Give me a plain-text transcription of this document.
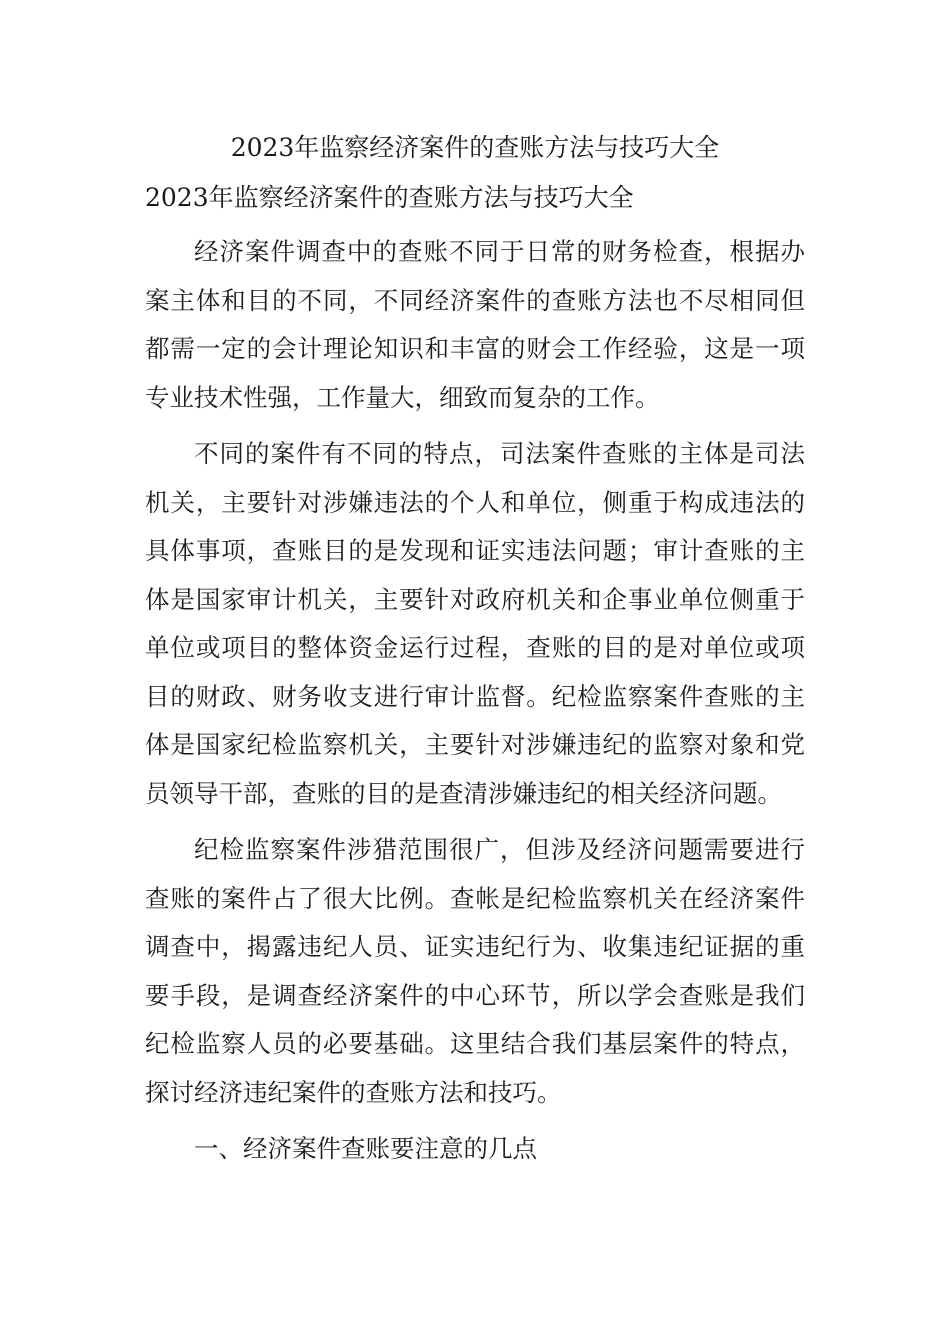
2023年监察经济案件的查账方法与技巧大全
2023年监察经济案件的查账方法与技巧大全

经济案件调查中的查账不同于日常的财务检查，根据办案主体和目的不同，不同经济案件的查账方法也不尽相同但都需一定的会计理论知识和丰富的财会工作经验，这是一项专业技术性强，工作量大，细致而复杂的工作。

不同的案件有不同的特点，司法案件查账的主体是司法机关，主要针对涉嫌违法的个人和单位，侧重于构成违法的具体事项，查账目的是发现和证实违法问题；审计查账的主体是国家审计机关，主要针对政府机关和企事业单位侧重于单位或项目的整体资金运行过程，查账的目的是对单位或项目的财政、财务收支进行审计监督。纪检监察案件查账的主体是国家纪检监察机关，主要针对涉嫌违纪的监察对象和党员领导干部，查账的目的是查清涉嫌违纪的相关经济问题。

纪检监察案件涉猎范围很广，但涉及经济问题需要进行查账的案件占了很大比例。查帐是纪检监察机关在经济案件调查中，揭露违纪人员、证实违纪行为、收集违纪证据的重要手段，是调查经济案件的中心环节，所以学会查账是我们纪检监察人员的必要基础。这里结合我们基层案件的特点，探讨经济违纪案件的查账方法和技巧。

一、经济案件查账要注意的几点
